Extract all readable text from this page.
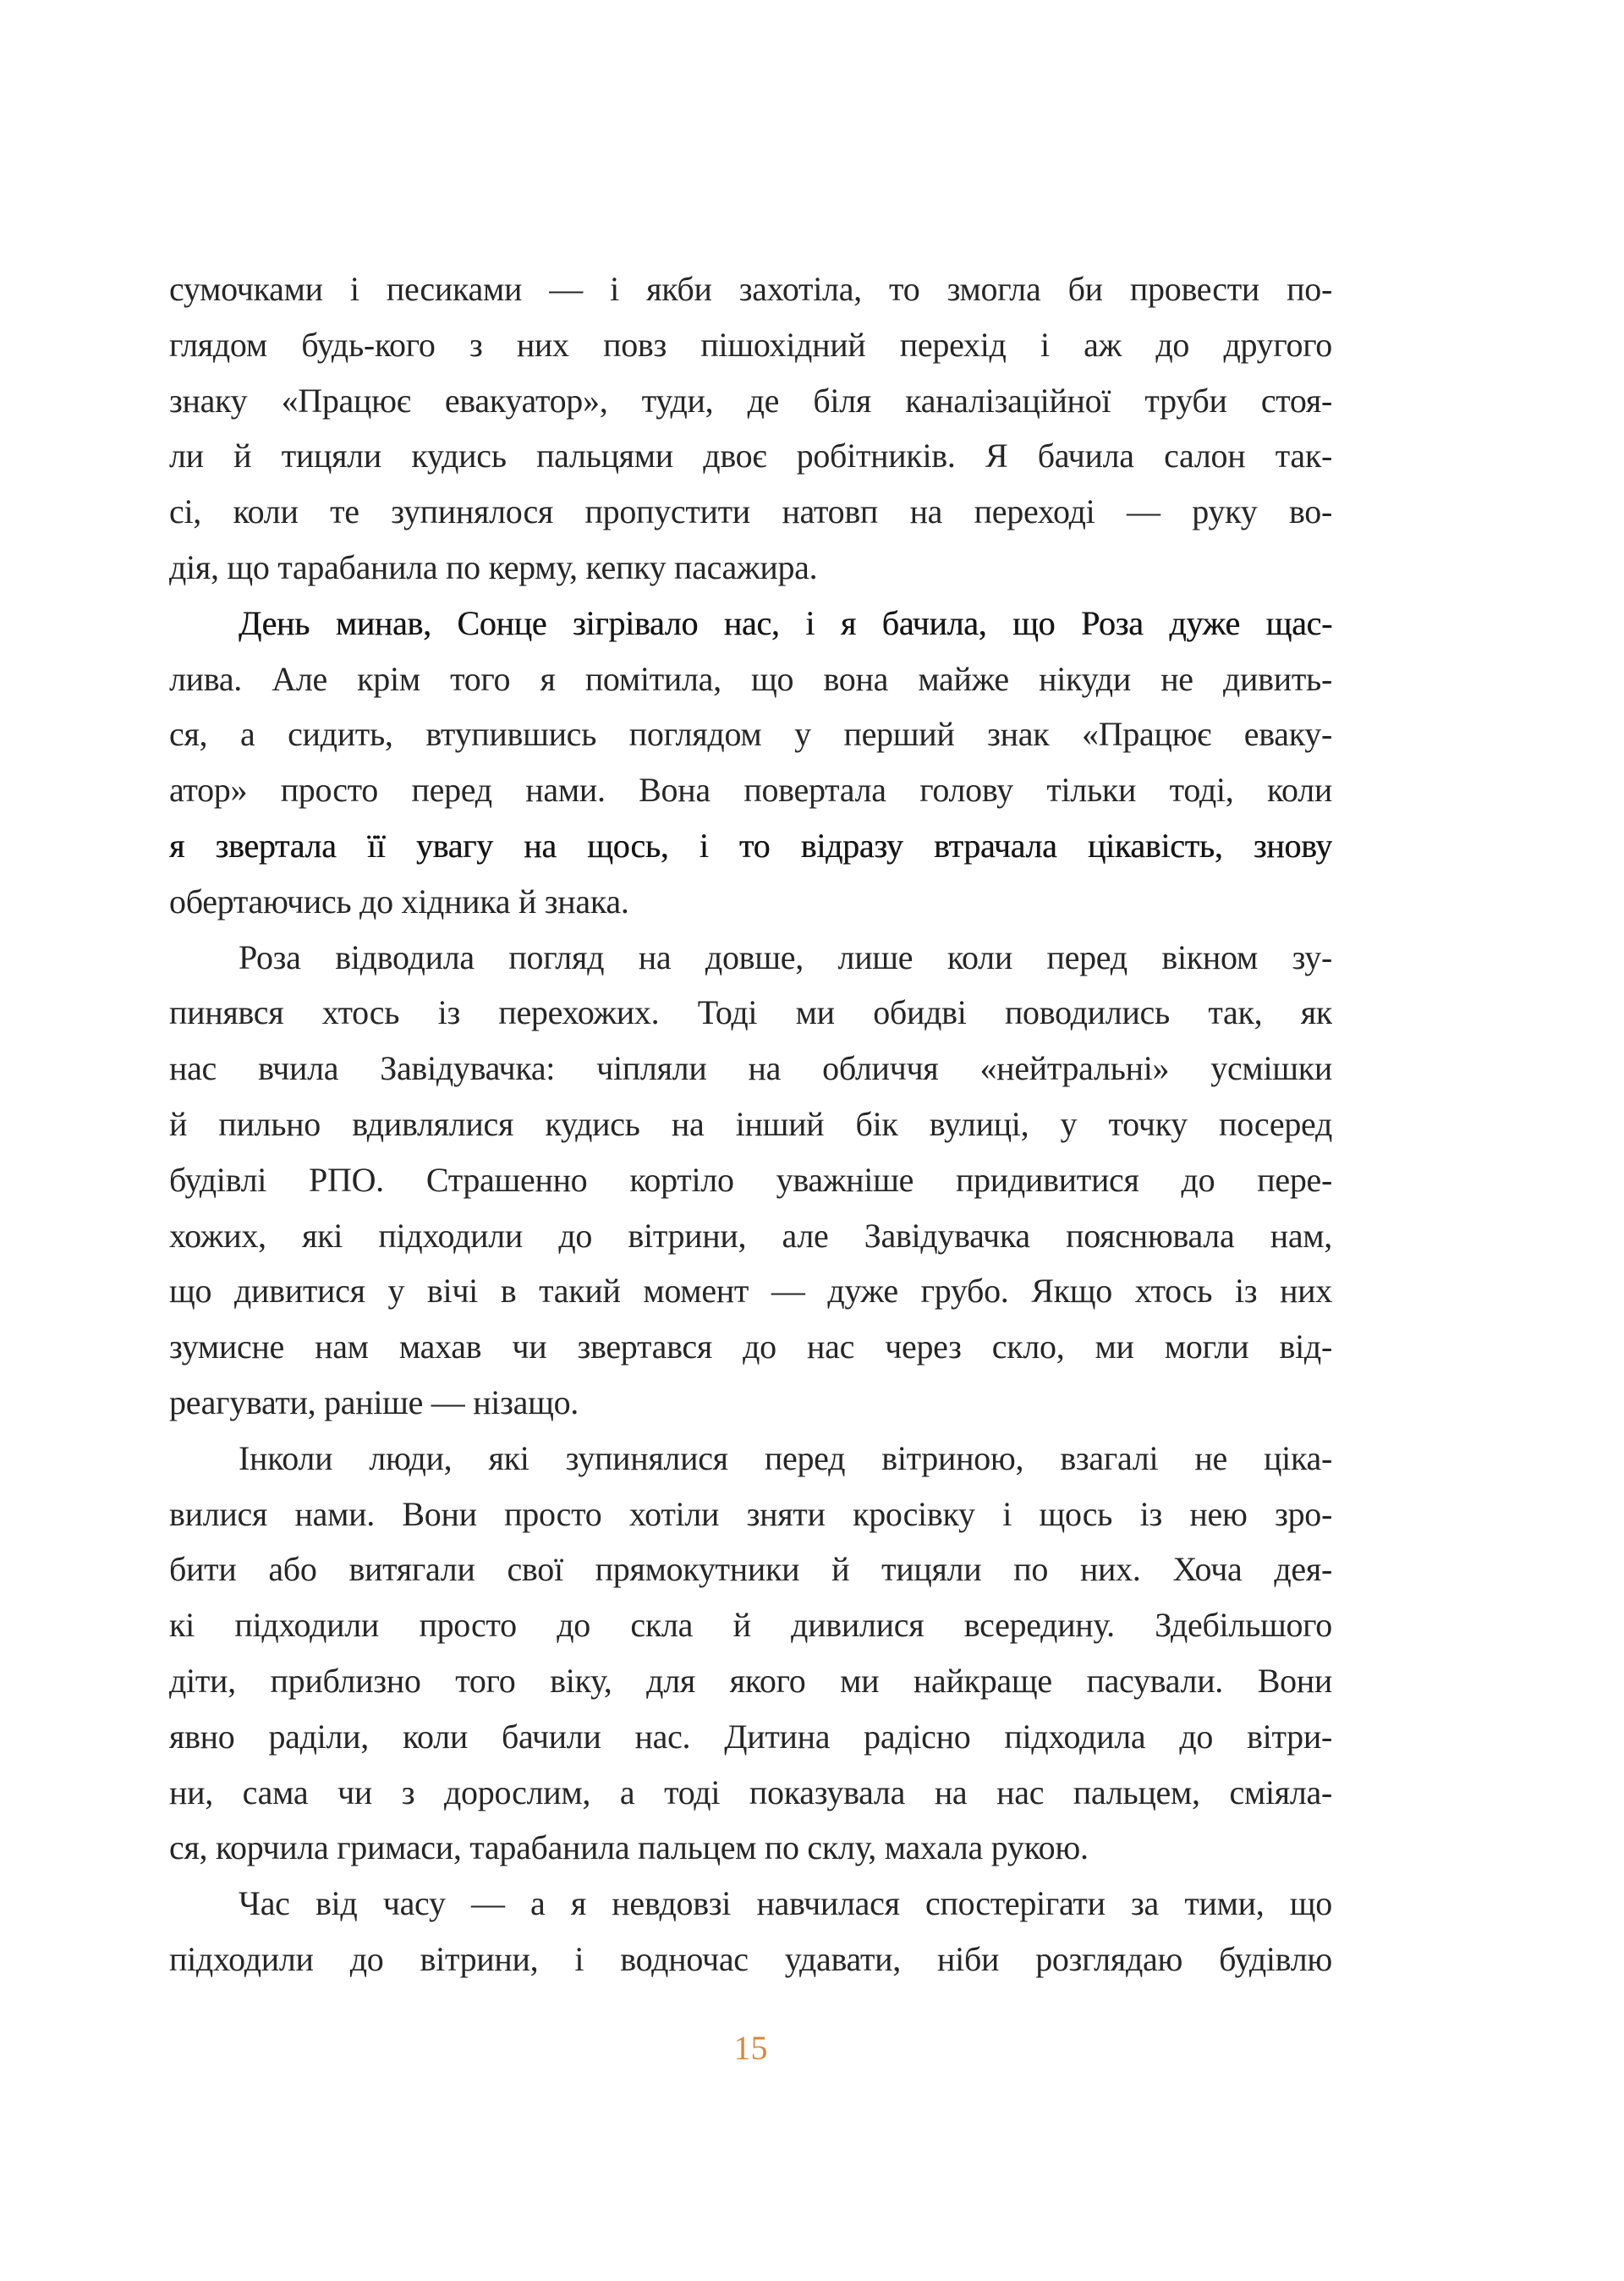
сумочками і песиками — і якби захотіла, то змогла би провести по-
глядом будь-кого з них повз пішохідний перехід і аж до другого
знаку «Працює евакуатор», туди, де біля каналізаційної труби стоя-
ли й тицяли кудись пальцями двоє робітників. Я бачила салон так-
сі, коли те зупинялося пропустити натовп на переході — руку во-
дія, що тарабанила по керму, кепку пасажира.
День минав, Сонце зігрівало нас, і я бачила, що Роза дуже щас-
лива. Але крім того я помітила, що вона майже нікуди не дивить-
ся, а сидить, втупившись поглядом у перший знак «Працює еваку-
атор» просто перед нами. Вона повертала голову тільки тоді, коли
я звертала її увагу на щось, і то відразу втрачала цікавість, знову
обертаючись до хідника й знака.
Роза відводила погляд на довше, лише коли перед вікном зу-
пинявся хтось із перехожих. Тоді ми обидві поводились так, як
нас вчила Завідувачка: чіпляли на обличчя «нейтральні» усмішки
й пильно вдивлялися кудись на інший бік вулиці, у точку посеред
будівлі РПО. Страшенно кортіло уважніше придивитися до пере-
хожих, які підходили до вітрини, але Завідувачка пояснювала нам,
що дивитися у вічі в такий момент — дуже грубо. Якщо хтось із них
зумисне нам махав чи звертався до нас через скло, ми могли від-
реагувати, раніше — нізащо.
Інколи люди, які зупинялися перед вітриною, взагалі не ціка-
вилися нами. Вони просто хотіли зняти кросівку і щось із нею зро-
бити або витягали свої прямокутники й тицяли по них. Хоча дея-
кі підходили просто до скла й дивилися всередину. Здебільшого
діти, приблизно того віку, для якого ми найкраще пасували. Вони
явно раділи, коли бачили нас. Дитина радісно підходила до вітри-
ни, сама чи з дорослим, а тоді показувала на нас пальцем, сміяла-
ся, корчила гримаси, тарабанила пальцем по склу, махала рукою.
Час від часу — а я невдовзі навчилася спостерігати за тими, що
підходили до вітрини, і водночас удавати, ніби розглядаю будівлю
15
